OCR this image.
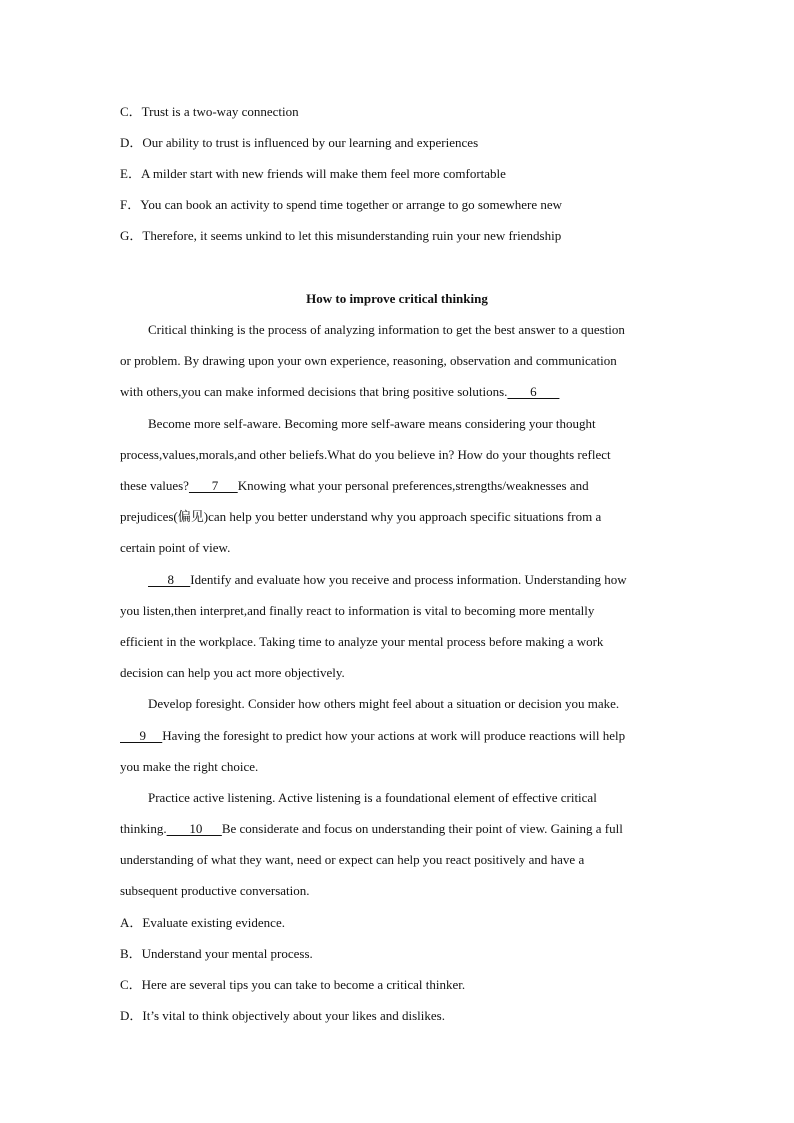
C．Trust is a two-way connection
D．Our ability to trust is influenced by our learning and experiences
E．A milder start with new friends will make them feel more comfortable
F．You can book an activity to spend time together or arrange to go somewhere new
G．Therefore, it seems unkind to let this misunderstanding ruin your new friendship
How to improve critical thinking
Critical thinking is the process of analyzing information to get the best answer to a question
or problem. By drawing upon your own experience, reasoning, observation and communication
with others,you can make informed decisions that bring positive solutions.       6
Become more self-aware. Becoming more self-aware means considering your thought
process,values,morals,and other beliefs.What do you believe in? How do your thoughts reflect
these values?       7      Knowing what your personal preferences,strengths/weaknesses and
prejudices(偏见)can help you better understand why you approach specific situations from a
certain point of view.
8     Identify and evaluate how you receive and process information. Understanding how
you listen,then interpret,and finally react to information is vital to becoming more mentally
efficient in the workplace. Taking time to analyze your mental process before making a work
decision can help you act more objectively.
Develop foresight. Consider how others might feel about a situation or decision you make.
9     Having the foresight to predict how your actions at work will produce reactions will help
you make the right choice.
Practice active listening. Active listening is a foundational element of effective critical
thinking.       10      Be considerate and focus on understanding their point of view. Gaining a full
understanding of what they want, need or expect can help you react positively and have a
subsequent productive conversation.
A．Evaluate existing evidence.
B．Understand your mental process.
C．Here are several tips you can take to become a critical thinker.
D．It’s vital to think objectively about your likes and dislikes.
